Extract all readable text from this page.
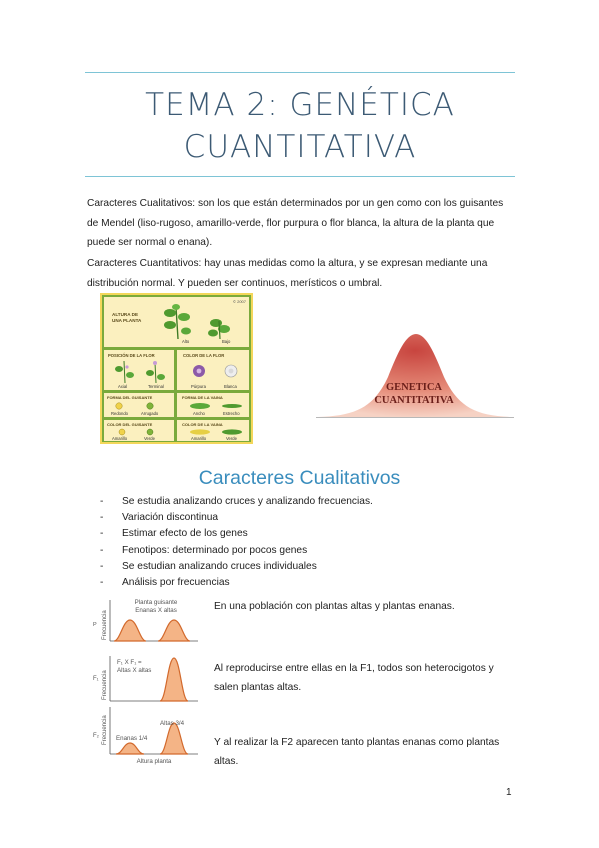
TEMA 2: GENÉTICA
CUANTITATIVA
Caracteres Cualitativos: son los que están determinados por un gen como con los guisantes de Mendel (liso-rugoso, amarillo-verde, flor purpura o flor blanca, la altura de la planta que puede ser normal o enana).
Caracteres Cuantitativos: hay unas medidas como la altura, y se expresan mediante una distribución normal. Y pueden ser continuos, merísticos o umbral.
© 2007
ALTURA DE
UNA PLANTA
Alto	Bajo
POSICIÓN DE LA FLOR
Axial	Terminal
COLOR DE LA FLOR
Púrpura	Blanca
FORMA DEL GUISANTE
Redondo	Arrugado
FORMA DE LA VAINA
Ancho	Estrecho
COLOR DEL GUISANTE
Amarillo	Verde
COLOR DE LA VAINA
Amarillo	Verde
GENETICA
CUANTITATIVA
Caracteres Cualitativos
- Se estudia analizando cruces y analizando frecuencias.
- Variación discontinua
- Estimar efecto de los genes
- Fenotipos: determinado por pocos genes
- Se estudian analizando cruces individuales
- Análisis por frecuencias
P Frecuencia
Planta guisante
Enanas X altas
F₁ Frecuencia
F₁ X F₁ =
Altas X altas
F₂ Frecuencia	Altas 3/4
Enanas 1/4
Altura planta
En una población con plantas altas y plantas enanas.
Al reproducirse entre ellas en la F1, todos son heterocigotos y salen plantas altas.
Y al realizar la F2 aparecen tanto plantas enanas como plantas altas.
1
